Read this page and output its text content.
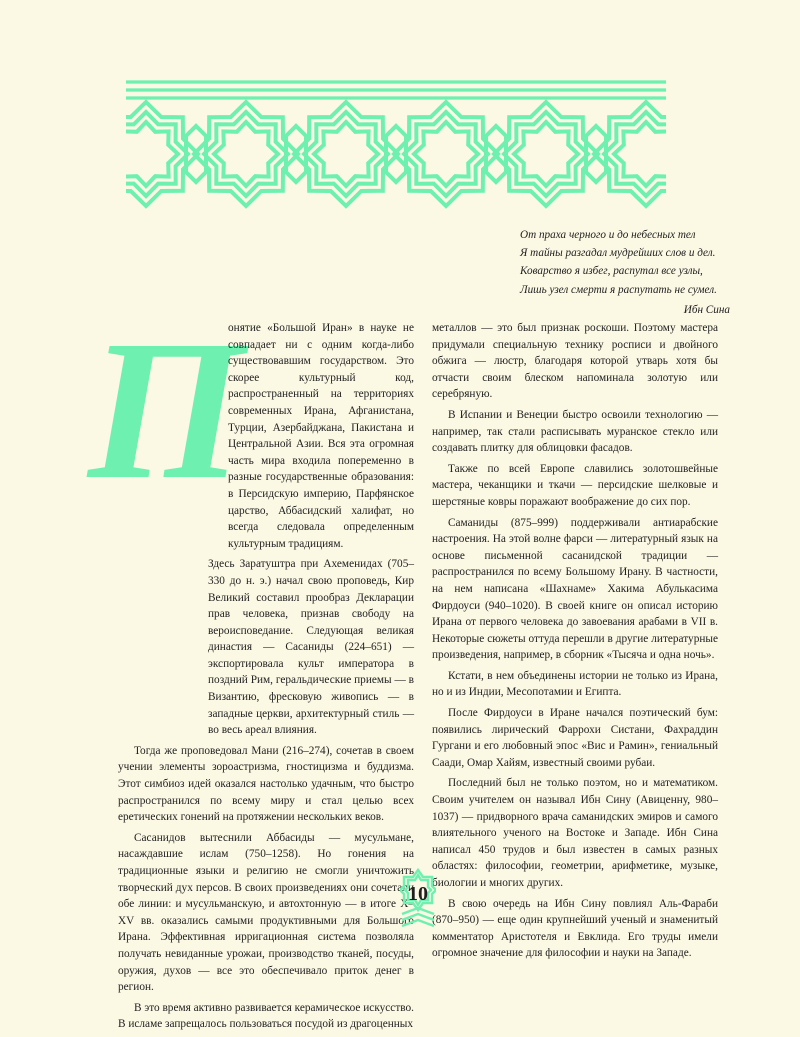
От праха черного и до небесных тел
Я тайны разгадал мудрейших слов и дел.
Коварство я избег, распутал все узлы,
Лишь узел смерти я распутать не сумел.
Ибн Сина
П

онятие «Большой Иран» в науке не совпадает ни с одним когда-либо существовавшим государством. Это скорее культурный код, распространенный на территориях современных Ирана, Афганистана, Турции, Азербайджана, Пакистана и Центральной Азии. Вся эта огромная часть мира входила попеременно в разные государственные образования: в Персидскую империю, Парфянское царство, Аббасидский халифат, но всегда следовала определенным культурным традициям.

Здесь Заратуштра при Ахеменидах (705–330 до н. э.) начал свою проповедь, Кир Великий составил прообраз Декларации прав человека, признав свободу на вероисповедание. Следующая великая династия — Сасаниды (224–651) — экспортировала культ императора в поздний Рим, геральдические приемы — в Византию, фресковую живопись — в западные церкви, архитектурный стиль — во весь ареал влияния.

Тогда же проповедовал Мани (216–274), сочетав в своем учении элементы зороастризма, гностицизма и буддизма. Этот симбиоз идей оказался настолько удачным, что быстро распространился по всему миру и стал целью всех еретических гонений на протяжении нескольких веков.

Сасанидов вытеснили Аббасиды — мусульмане, насаждавшие ислам (750–1258). Но гонения на традиционные языки и религию не смогли уничтожить творческий дух персов. В своих произведениях они сочетали обе линии: и мусульманскую, и автохтонную — в итоге X–XV вв. оказались самыми продуктивными для Большого Ирана. Эффективная ирригационная система позволяла получать невиданные урожаи, производство тканей, посуды, оружия, духов — все это обеспечивало приток денег в регион.

В это время активно развивается керамическое искусство. В исламе запрещалось пользоваться посудой из драгоценных

металлов — это был признак роскоши. Поэтому мастера придумали специальную технику росписи и двойного обжига — люстр, благодаря которой утварь хотя бы отчасти своим блеском напоминала золотую или серебряную.

В Испании и Венеции быстро освоили технологию — например, так стали расписывать муранское стекло или создавать плитку для облицовки фасадов.

Также по всей Европе славились золотошвейные мастера, чеканщики и ткачи — персидские шелковые и шерстяные ковры поражают воображение до сих пор.

Саманиды (875–999) поддерживали антиарабские настроения. На этой волне фарси — литературный язык на основе письменной сасанидской традиции — распространился по всему Большому Ирану. В частности, на нем написана «Шахнаме» Хакима Абулькасима Фирдоуси (940–1020). В своей книге он описал историю Ирана от первого человека до завоевания арабами в VII в. Некоторые сюжеты оттуда перешли в другие литературные произведения, например, в сборник «Тысяча и одна ночь».

Кстати, в нем объединены истории не только из Ирана, но и из Индии, Месопотамии и Египта.

После Фирдоуси в Иране начался поэтический бум: появились лирический Фаррохи Систани, Фахраддин Гургани и его любовный эпос «Вис и Рамин», гениальный Саади, Омар Хайям, известный своими рубаи.

Последний был не только поэтом, но и математиком. Своим учителем он называл Ибн Сину (Авиценну, 980–1037) — придворного врача саманидских эмиров и самого влиятельного ученого на Востоке и Западе. Ибн Сина написал 450 трудов и был известен в самых разных областях: философии, геометрии, арифметике, музыке, биологии и многих других.

В свою очередь на Ибн Сину повлиял Аль-Фараби (870–950) — еще один крупнейший ученый и знаменитый комментатор Аристотеля и Евклида. Его труды имели огромное значение для философии и науки на Западе.

10
